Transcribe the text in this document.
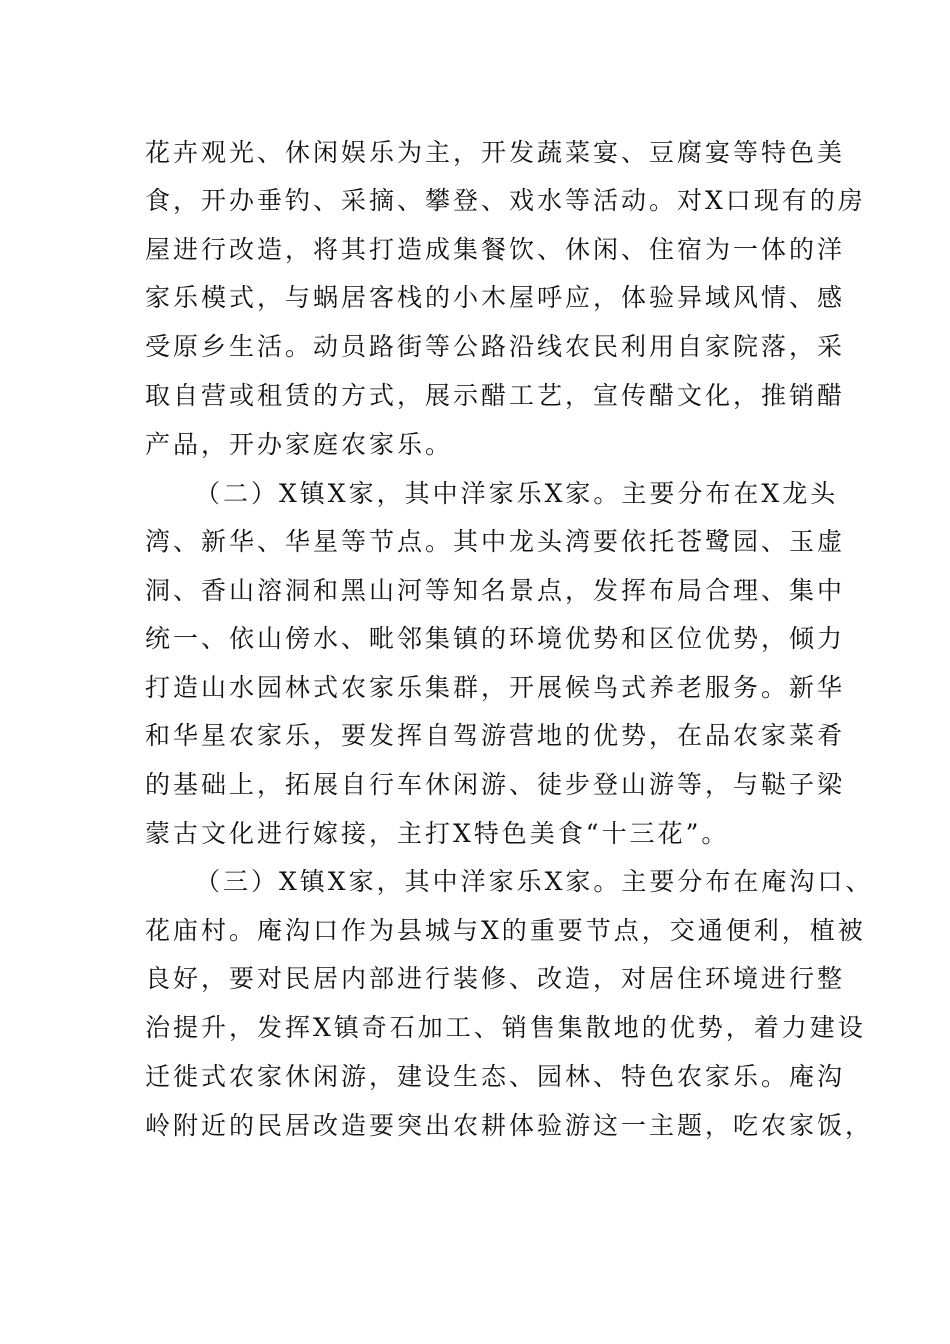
花卉观光、休闲娱乐为主，开发蔬菜宴、豆腐宴等特色美
食，开办垂钓、采摘、攀登、戏水等活动。对X口现有的房
屋进行改造，将其打造成集餐饮、休闲、住宿为一体的洋
家乐模式，与蜗居客栈的小木屋呼应，体验异域风情、感
受原乡生活。动员路街等公路沿线农民利用自家院落，采
取自营或租赁的方式，展示醋工艺，宣传醋文化，推销醋
产品，开办家庭农家乐。
（二）X镇X家，其中洋家乐X家。主要分布在X龙头
湾、新华、华星等节点。其中龙头湾要依托苍鹭园、玉虚
洞、香山溶洞和黑山河等知名景点，发挥布局合理、集中
统一、依山傍水、毗邻集镇的环境优势和区位优势，倾力
打造山水园林式农家乐集群，开展候鸟式养老服务。新华
和华星农家乐，要发挥自驾游营地的优势，在品农家菜肴
的基础上，拓展自行车休闲游、徒步登山游等，与鞑子梁
蒙古文化进行嫁接，主打X特色美食“十三花”。
（三）X镇X家，其中洋家乐X家。主要分布在庵沟口、
花庙村。庵沟口作为县城与X的重要节点，交通便利，植被
良好，要对民居内部进行装修、改造，对居住环境进行整
治提升，发挥X镇奇石加工、销售集散地的优势，着力建设
迁徙式农家休闲游，建设生态、园林、特色农家乐。庵沟
岭附近的民居改造要突出农耕体验游这一主题，吃农家饭，
